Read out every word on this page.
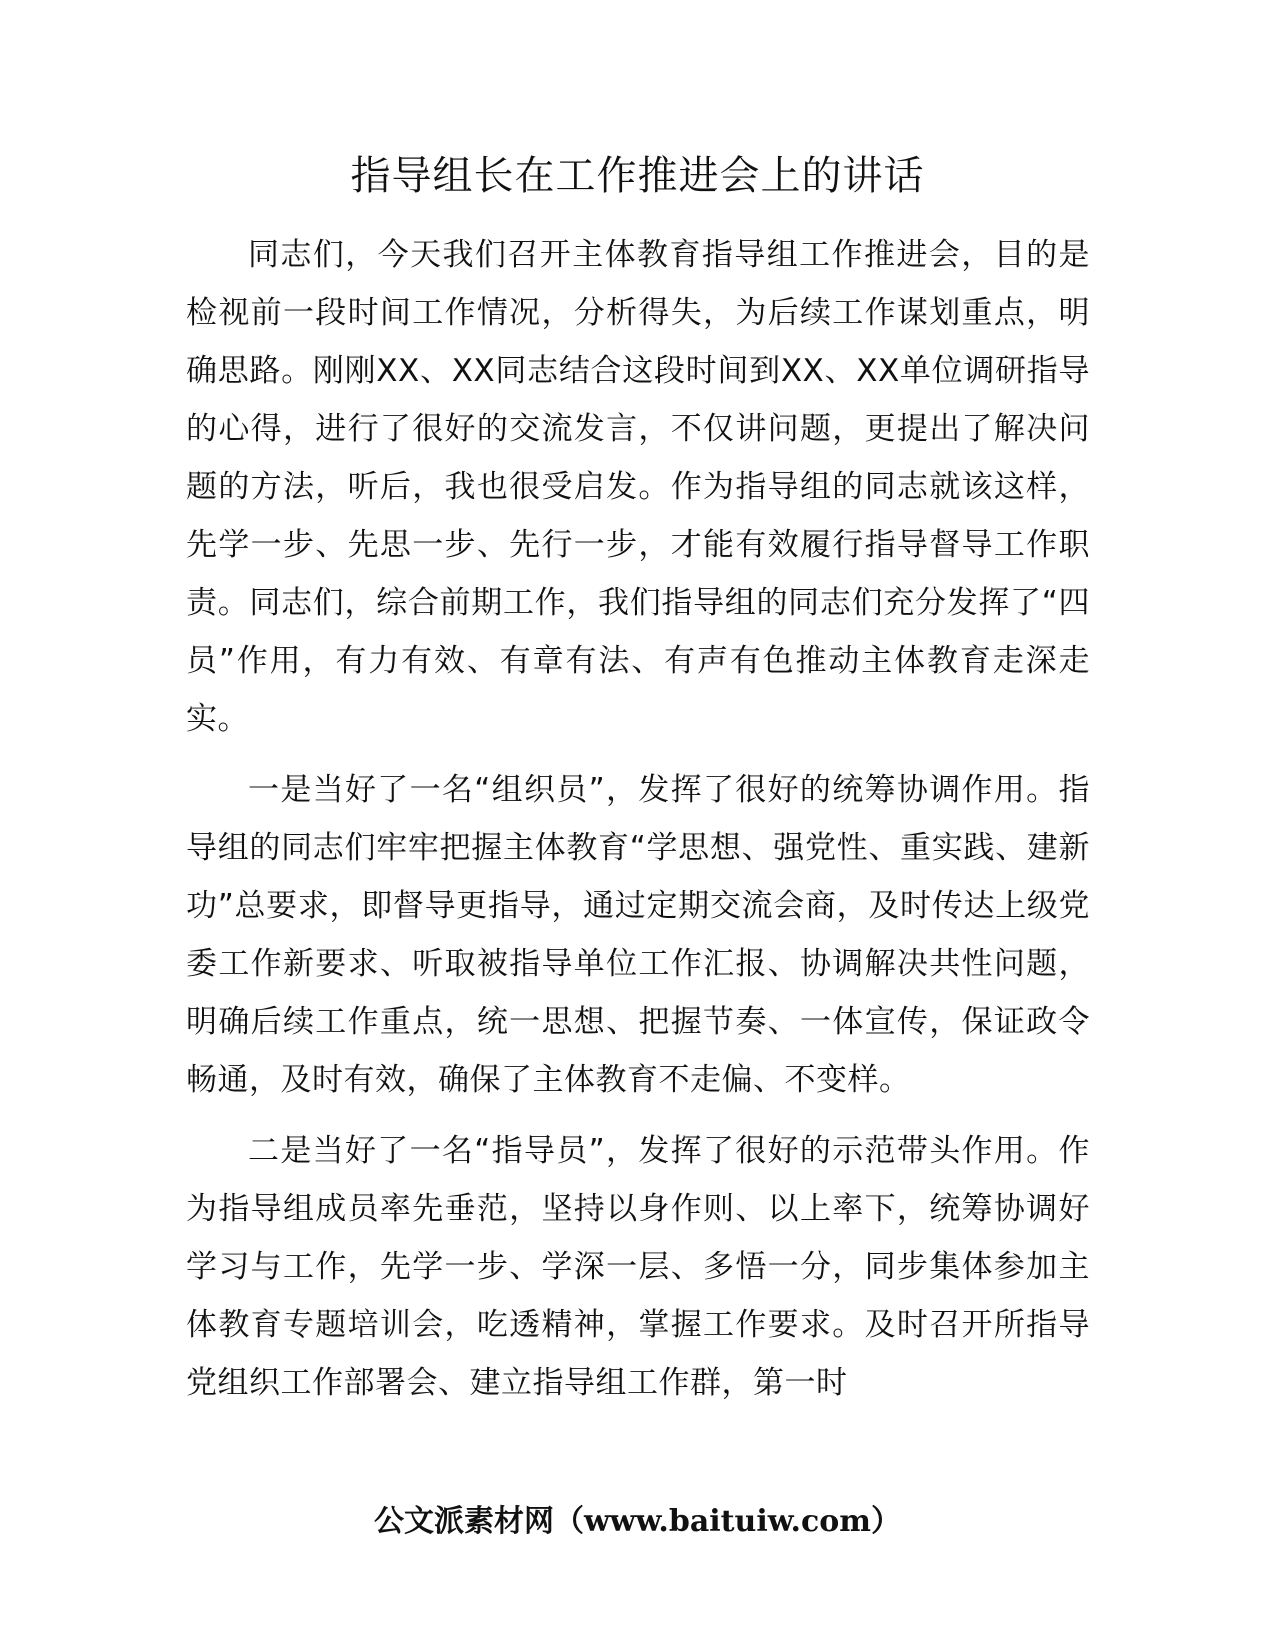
指导组长在工作推进会上的讲话

同志们，今天我们召开主体教育指导组工作推进会，目的是检视前一段时间工作情况，分析得失，为后续工作谋划重点，明确思路。刚刚XX、XX同志结合这段时间到XX、XX单位调研指导的心得，进行了很好的交流发言，不仅讲问题，更提出了解决问题的方法，听后，我也很受启发。作为指导组的同志就该这样，先学一步、先思一步、先行一步，才能有效履行指导督导工作职责。同志们，综合前期工作，我们指导组的同志们充分发挥了“四员”作用，有力有效、有章有法、有声有色推动主体教育走深走实。

一是当好了一名“组织员”，发挥了很好的统筹协调作用。指导组的同志们牢牢把握主体教育“学思想、强党性、重实践、建新功”总要求，即督导更指导，通过定期交流会商，及时传达上级党委工作新要求、听取被指导单位工作汇报、协调解决共性问题，明确后续工作重点，统一思想、把握节奏、一体宣传，保证政令畅通，及时有效，确保了主体教育不走偏、不变样。

二是当好了一名“指导员”，发挥了很好的示范带头作用。作为指导组成员率先垂范，坚持以身作则、以上率下，统筹协调好学习与工作，先学一步、学深一层、多悟一分，同步集体参加主体教育专题培训会，吃透精神，掌握工作要求。及时召开所指导党组织工作部署会、建立指导组工作群，第一时

公文派素材网（www.baituiw.com）
